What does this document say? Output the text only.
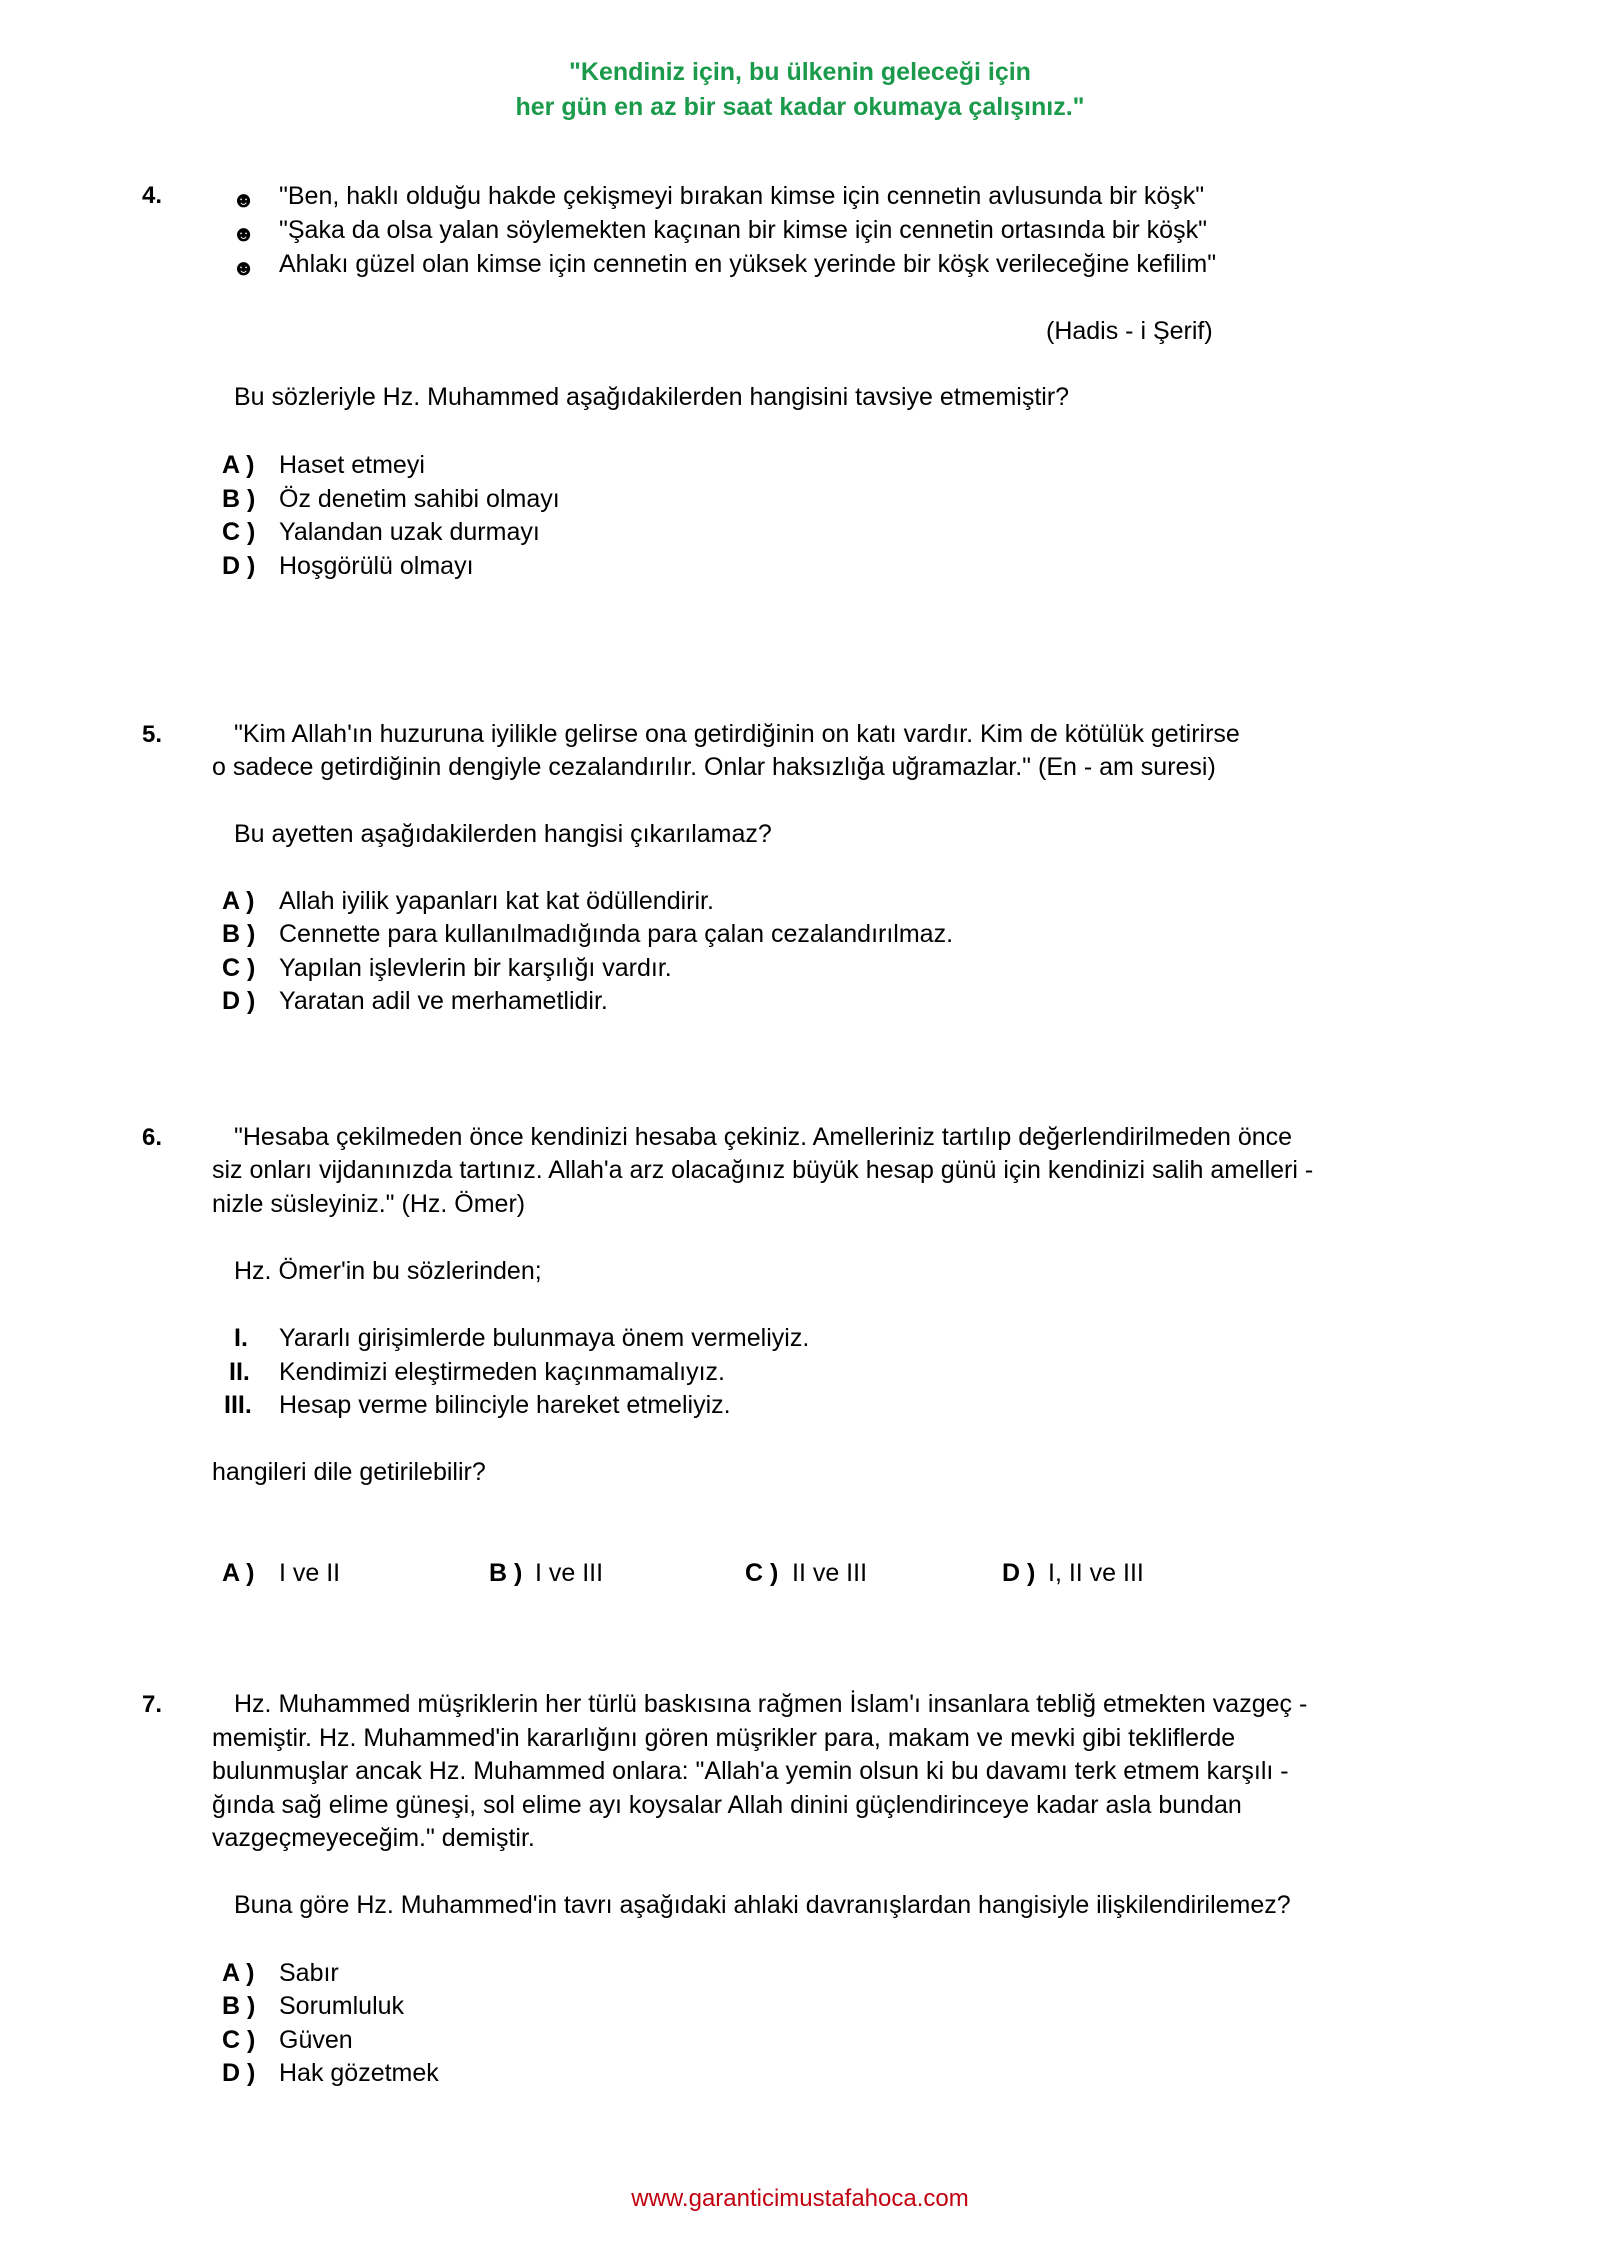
"Kendiniz için, bu ülkenin geleceği için
her gün en az bir saat kadar okumaya çalışınız."
4.	☻ "Ben, haklı olduğu hakde çekişmeyi bırakan kimse için cennetin avlusunda bir köşk"
☻ "Şaka da olsa yalan söylemekten kaçınan bir kimse için cennetin ortasında bir köşk"
☻ Ahlakı güzel olan kimse için cennetin en yüksek yerinde bir köşk verileceğine kefilim"
(Hadis - i Şerif)
Bu sözleriyle Hz. Muhammed aşağıdakilerden hangisini tavsiye etmemiştir?
A ) Haset etmeyi
B ) Öz denetim sahibi olmayı
C ) Yalandan uzak durmayı
D ) Hoşgörülü olmayı
5.	"Kim Allah'ın huzuruna iyilikle gelirse ona getirdiğinin on katı vardır. Kim de kötülük getirirse
o sadece getirdiğinin dengiyle cezalandırılır. Onlar haksızlığa uğramazlar." (En - am suresi)
Bu ayetten aşağıdakilerden hangisi çıkarılamaz?
A ) Allah iyilik yapanları kat kat ödüllendirir.
B ) Cennette para kullanılmadığında para çalan cezalandırılmaz.
C ) Yapılan işlevlerin bir karşılığı vardır.
D ) Yaratan adil ve merhametlidir.
6.	"Hesaba çekilmeden önce kendinizi hesaba çekiniz. Amelleriniz tartılıp değerlendirilmeden önce
siz onları vijdanınızda tartınız. Allah'a arz olacağınız büyük hesap günü için kendinizi salih amelleri -
nizle süsleyiniz." (Hz. Ömer)
Hz. Ömer'in bu sözlerinden;
I. Yararlı girişimlerde bulunmaya önem vermeliyiz.
II. Kendimizi eleştirmeden kaçınmamalıyız.
III. Hesap verme bilinciyle hareket etmeliyiz.
hangileri dile getirilebilir?
A ) I ve II	B ) I ve III	C ) II ve III	D ) I, II ve III
7.	Hz. Muhammed müşriklerin her türlü baskısına rağmen İslam'ı insanlara tebliğ etmekten vazgeç -
memiştir. Hz. Muhammed'in kararlığını gören müşrikler para, makam ve mevki gibi tekliflerde
bulunmuşlar ancak Hz. Muhammed onlara: "Allah'a yemin olsun ki bu davamı terk etmem karşılı -
ğında sağ elime güneşi, sol elime ayı koysalar Allah dinini güçlendirinceye kadar asla bundan
vazgeçmeyeceğim." demiştir.
Buna göre Hz. Muhammed'in tavrı aşağıdaki ahlaki davranışlardan hangisiyle ilişkilendirilemez?
A ) Sabır
B ) Sorumluluk
C ) Güven
D ) Hak gözetmek
www.garanticimustafahoca.com
